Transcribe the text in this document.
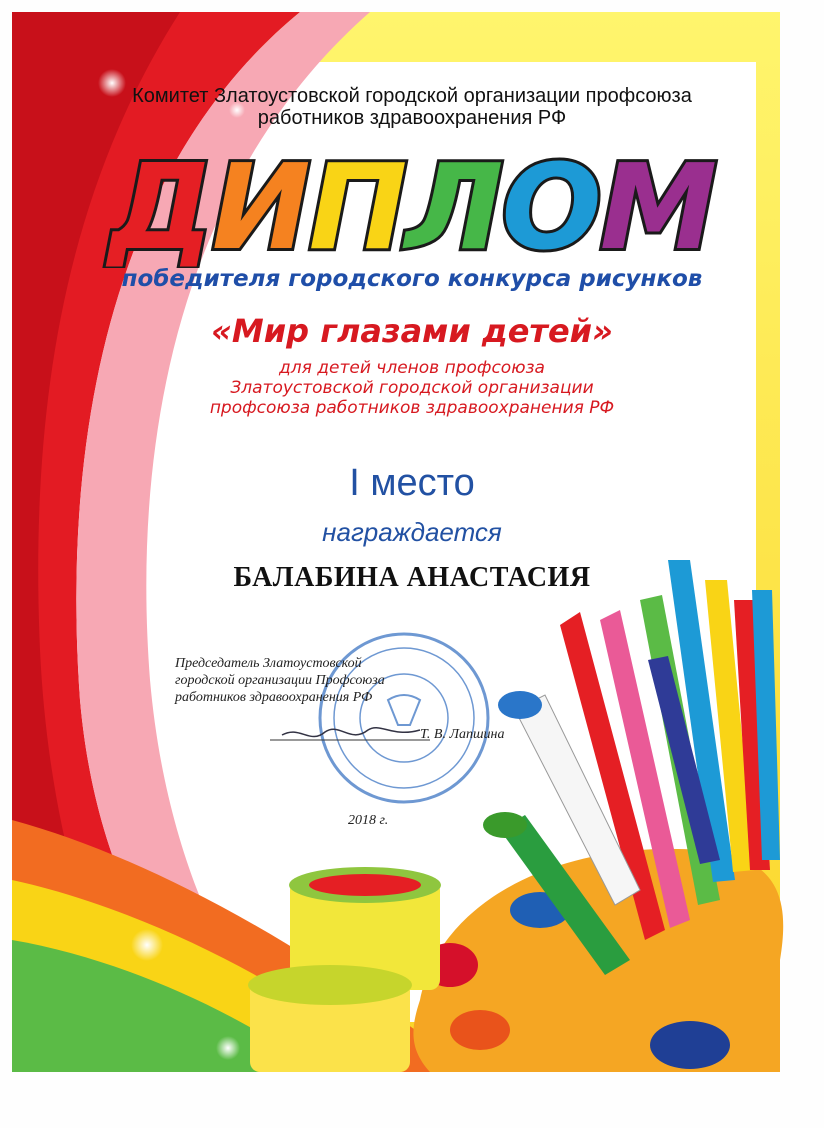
Комитет Златоустовской городской организации профсоюза

работников здравоохранения РФ

ДИПЛОМ

победителя городского конкурса рисунков

«Мир глазами детей»

для детей членов профсоюза

Златоустовской городской организации

профсоюза работников здравоохранения РФ

I место

награждается

БАЛАБИНА АНАСТАСИЯ

Председатель Златоустовской
городской организации Профсоюза
работников здравоохранения РФ
Т. В. Лапшина
2018 г.
